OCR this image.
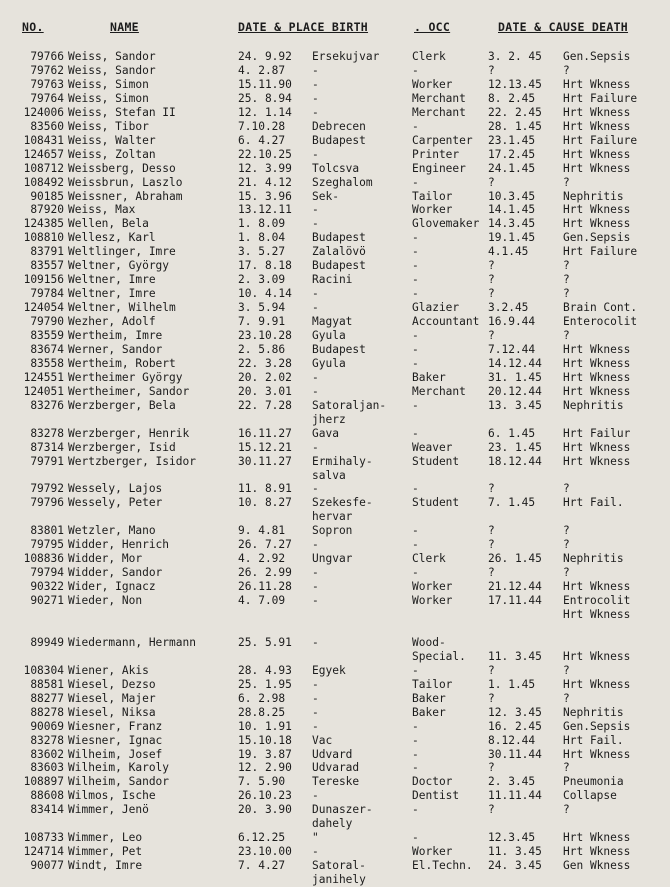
NO.	NAME	DATE & PLACE BIRTH	. OCC	DATE & CAUSE DEATH
79766 Weiss, Sandor	24. 9.92 Ersekujvar	Clerk	3. 2. 45 Gen.Sepsis
79762 Weiss, Sandor	4. 2.87 -	-	?	?
79763 Weiss, Simon	15.11.90 -	Worker	12.13.45 Hrt Wkness
79764 Weiss, Simon	25. 8.94 -	Merchant 8. 2.45 Hrt Failure
124006 Weiss, Stefan II	12. 1.14 -	Merchant 22. 2.45 Hrt Wkness
83560 Weiss, Tibor	7.10.28 Debrecen	-	28. 1.45 Hrt Wkness
108431 Weiss, Walter	6. 4.27 Budapest	Carpenter 23.1.45 Hrt Failure
124657 Weiss, Zoltan	22.10.25 -	Printer	17.2.45 Hrt Wkness
108712 Weissberg, Desso	12. 3.99 Tolcsva	Engineer 24.1.45 Hrt Wkness
108492 Weissbrun, Laszlo	21. 4.12 Szeghalom	-	?	?
90185 Weissner, Abraham	15. 3.96 Sek-	Tailor	10.3.45 Nephritis
87920 Weiss, Max	13.12.11 -	Worker	14.1.45 Hrt Wkness
124385 Wellen, Bela	1. 8.09 -	Glovemaker 14.3.45 Hrt Wkness
108810 Wellesz, Karl	1. 8.04 Budapest	-	19.1.45 Gen.Sepsis
83791 Weltlinger, Imre	3. 5.27 Zalalövö	-	4.1.45	Hrt Failure
83557 Weltner, György	17. 8.18 Budapest	-	?	?
109156 Weltner, Imre	2. 3.09 Racini	-	?	?
79784 Weltner, Imre	10. 4.14 -	-	?	?
124054 Weltner, Wilhelm	3. 5.94 -	Glazier	3.2.45	Brain Cont.
79790 Wezher, Adolf	7. 9.91 Magyat	Accountant 16.9.44 Enterocolit
83559 Wertheim, Imre	23.10.28 Gyula	-	?	?
83674 Werner, Sandor	2. 5.86 Budapest	-	7.12.44 Hrt Wkness
83558 Wertheim, Robert	22. 3.28 Gyula	-	14.12.44 Hrt Wkness
124551 Wertheimer György	20. 2.02 -	Baker	31. 1.45 Hrt Wkness
124051 Wertheimer, Sandor	20. 3.01 -	Merchant 20.12.44 Hrt Wkness
83276 Werzberger, Bela	22. 7.28 Satoraljan- -	13. 3.45 Nephritis
jherz
83278 Werzberger, Henrik	16.11.27 Gava	-	6. 1.45 Hrt Failur
87314 Werzberger, Isid	15.12.21 -	Weaver	23. 1.45 Hrt Wkness
79791 Wertzberger, Isidor	30.11.27 Ermihaly-	Student	18.12.44 Hrt Wkness
salva
79792 Wessely, Lajos	11. 8.91 -	-	?	?
79796 Wessely, Peter	10. 8.27 Szekesfe-	Student	7. 1.45 Hrt Fail.
hervar
83801 Wetzler, Mano	9. 4.81 Sopron	-	?	?
79795 Widder, Henrich	26. 7.27 -	-	?	?
108836 Widder, Mor	4. 2.92 Ungvar	Clerk	26. 1.45 Nephritis
79794 Widder, Sandor	26. 2.99 -	-	?	?
90322 Wider, Ignacz	26.11.28 -	Worker	21.12.44 Hrt Wkness
90271 Wieder, Non	4. 7.09 -	Worker	17.11.44 Entrocolit
Hrt Wkness
89949 Wiedermann, Hermann	25. 5.91 -	Wood-
Special. 11. 3.45 Hrt Wkness
108304 Wiener, Akis	28. 4.93 Egyek	-	?	?
88581 Wiesel, Dezso	25. 1.95 -	Tailor	1. 1.45 Hrt Wkness
88277 Wiesel, Majer	6. 2.98 -	Baker	?	?
88278 Wiesel, Niksa	28.8.25 -	Baker	12. 3.45 Nephritis
90069 Wiesner, Franz	10. 1.91 -	-	16. 2.45 Gen.Sepsis
83278 Wiesner, Ignac	15.10.18 Vac	-	8.12.44 Hrt Fail.
83602 Wilheim, Josef	19. 3.87 Udvard	-	30.11.44 Hrt Wkness
83603 Wilheim, Karoly	12. 2.90 Udvarad	-	?	?
108897 Wilheim, Sandor	7. 5.90 Tereske	Doctor	2. 3.45 Pneumonia
88608 Wilmos, Ische	26.10.23 -	Dentist	11.11.44 Collapse
83414 Wimmer, Jenö	20. 3.90 Dunaszer-	-	?	?
dahely
108733 Wimmer, Leo	6.12.25 "	-	12.3.45 Hrt Wkness
124714 Wimmer, Pet	23.10.00 -	Worker	11. 3.45 Hrt Wkness
90077 Windt, Imre	7. 4.27 Satoral-	El.Techn. 24. 3.45 Gen Wkness
janihely
